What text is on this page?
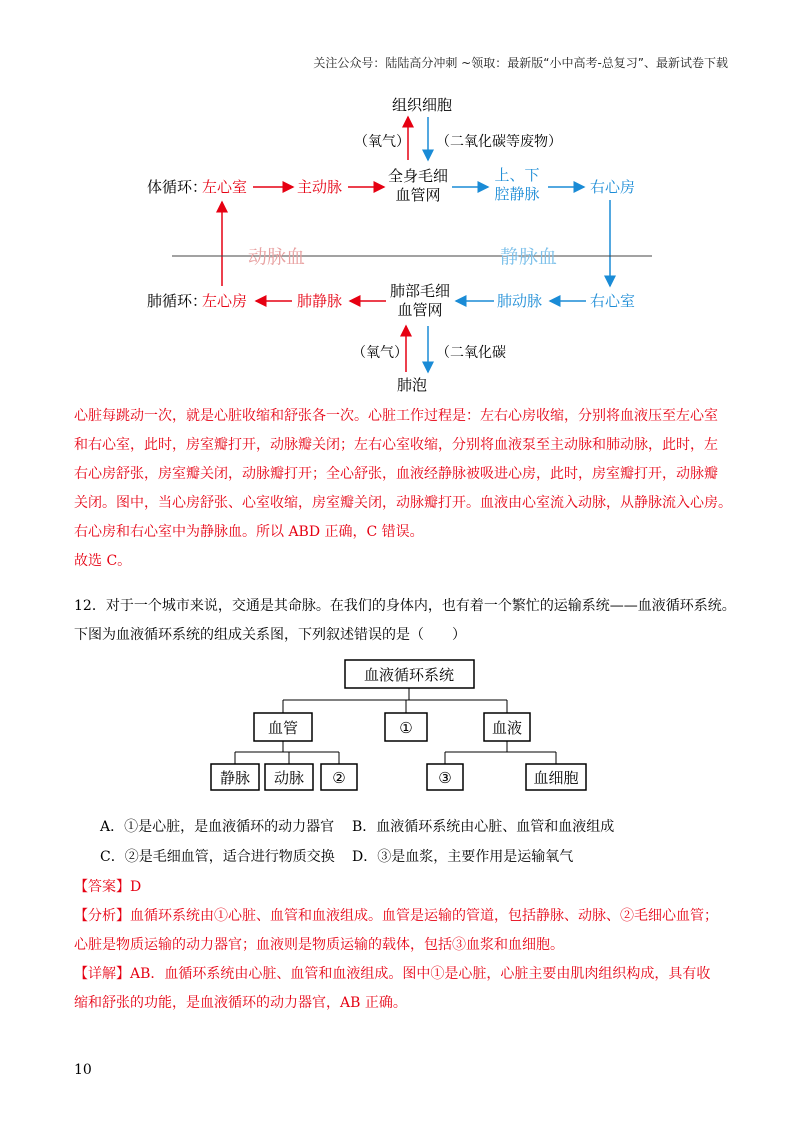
关注公众号：陆陆高分冲刺 ~领取：最新版“小中高考-总复习”、最新试卷下载
组织细胞
（氧气） （二氧化碳等废物）
体循环：
左心室	主动脉
全身毛细
血管网
上、下
腔静脉	右心房
动脉血	静脉血
肺循环：
左心房	肺静脉
肺部毛细
血管网	肺动脉	右心室
（氧气） （二氧化碳
肺泡

心脏每跳动一次，就是心脏收缩和舒张各一次。心脏工作过程是：左右心房收缩，分别将血液压至左心室

和右心室，此时，房室瓣打开，动脉瓣关闭；左右心室收缩，分别将血液泵至主动脉和肺动脉，此时，左

右心房舒张，房室瓣关闭，动脉瓣打开；全心舒张，血液经静脉被吸进心房，此时，房室瓣打开，动脉瓣

关闭。图中，当心房舒张、心室收缩，房室瓣关闭，动脉瓣打开。血液由心室流入动脉，从静脉流入心房。

右心房和右心室中为静脉血。所以 ABD 正确，C 错误。

故选 C。

12．对于一个城市来说，交通是其命脉。在我们的身体内，也有着一个繁忙的运输系统——血液循环系统。

下图为血液循环系统的组成关系图，下列叙述错误的是（　　）

血液循环系统
血管	①	血液
静脉 动脉 ②	③	血细胞
A．①是心脏，是血液循环的动力器官 B．血液循环系统由心脏、血管和血液组成
C．②是毛细血管，适合进行物质交换 D．③是血浆，主要作用是运输氧气

【答案】D

【分析】血循环系统由①心脏、血管和血液组成。血管是运输的管道，包括静脉、动脉、②毛细心血管；

心脏是物质运输的动力器官；血液则是物质运输的载体，包括③血浆和血细胞。

【详解】AB．血循环系统由心脏、血管和血液组成。图中①是心脏，心脏主要由肌肉组织构成，具有收

缩和舒张的功能，是血液循环的动力器官，AB 正确。

10
